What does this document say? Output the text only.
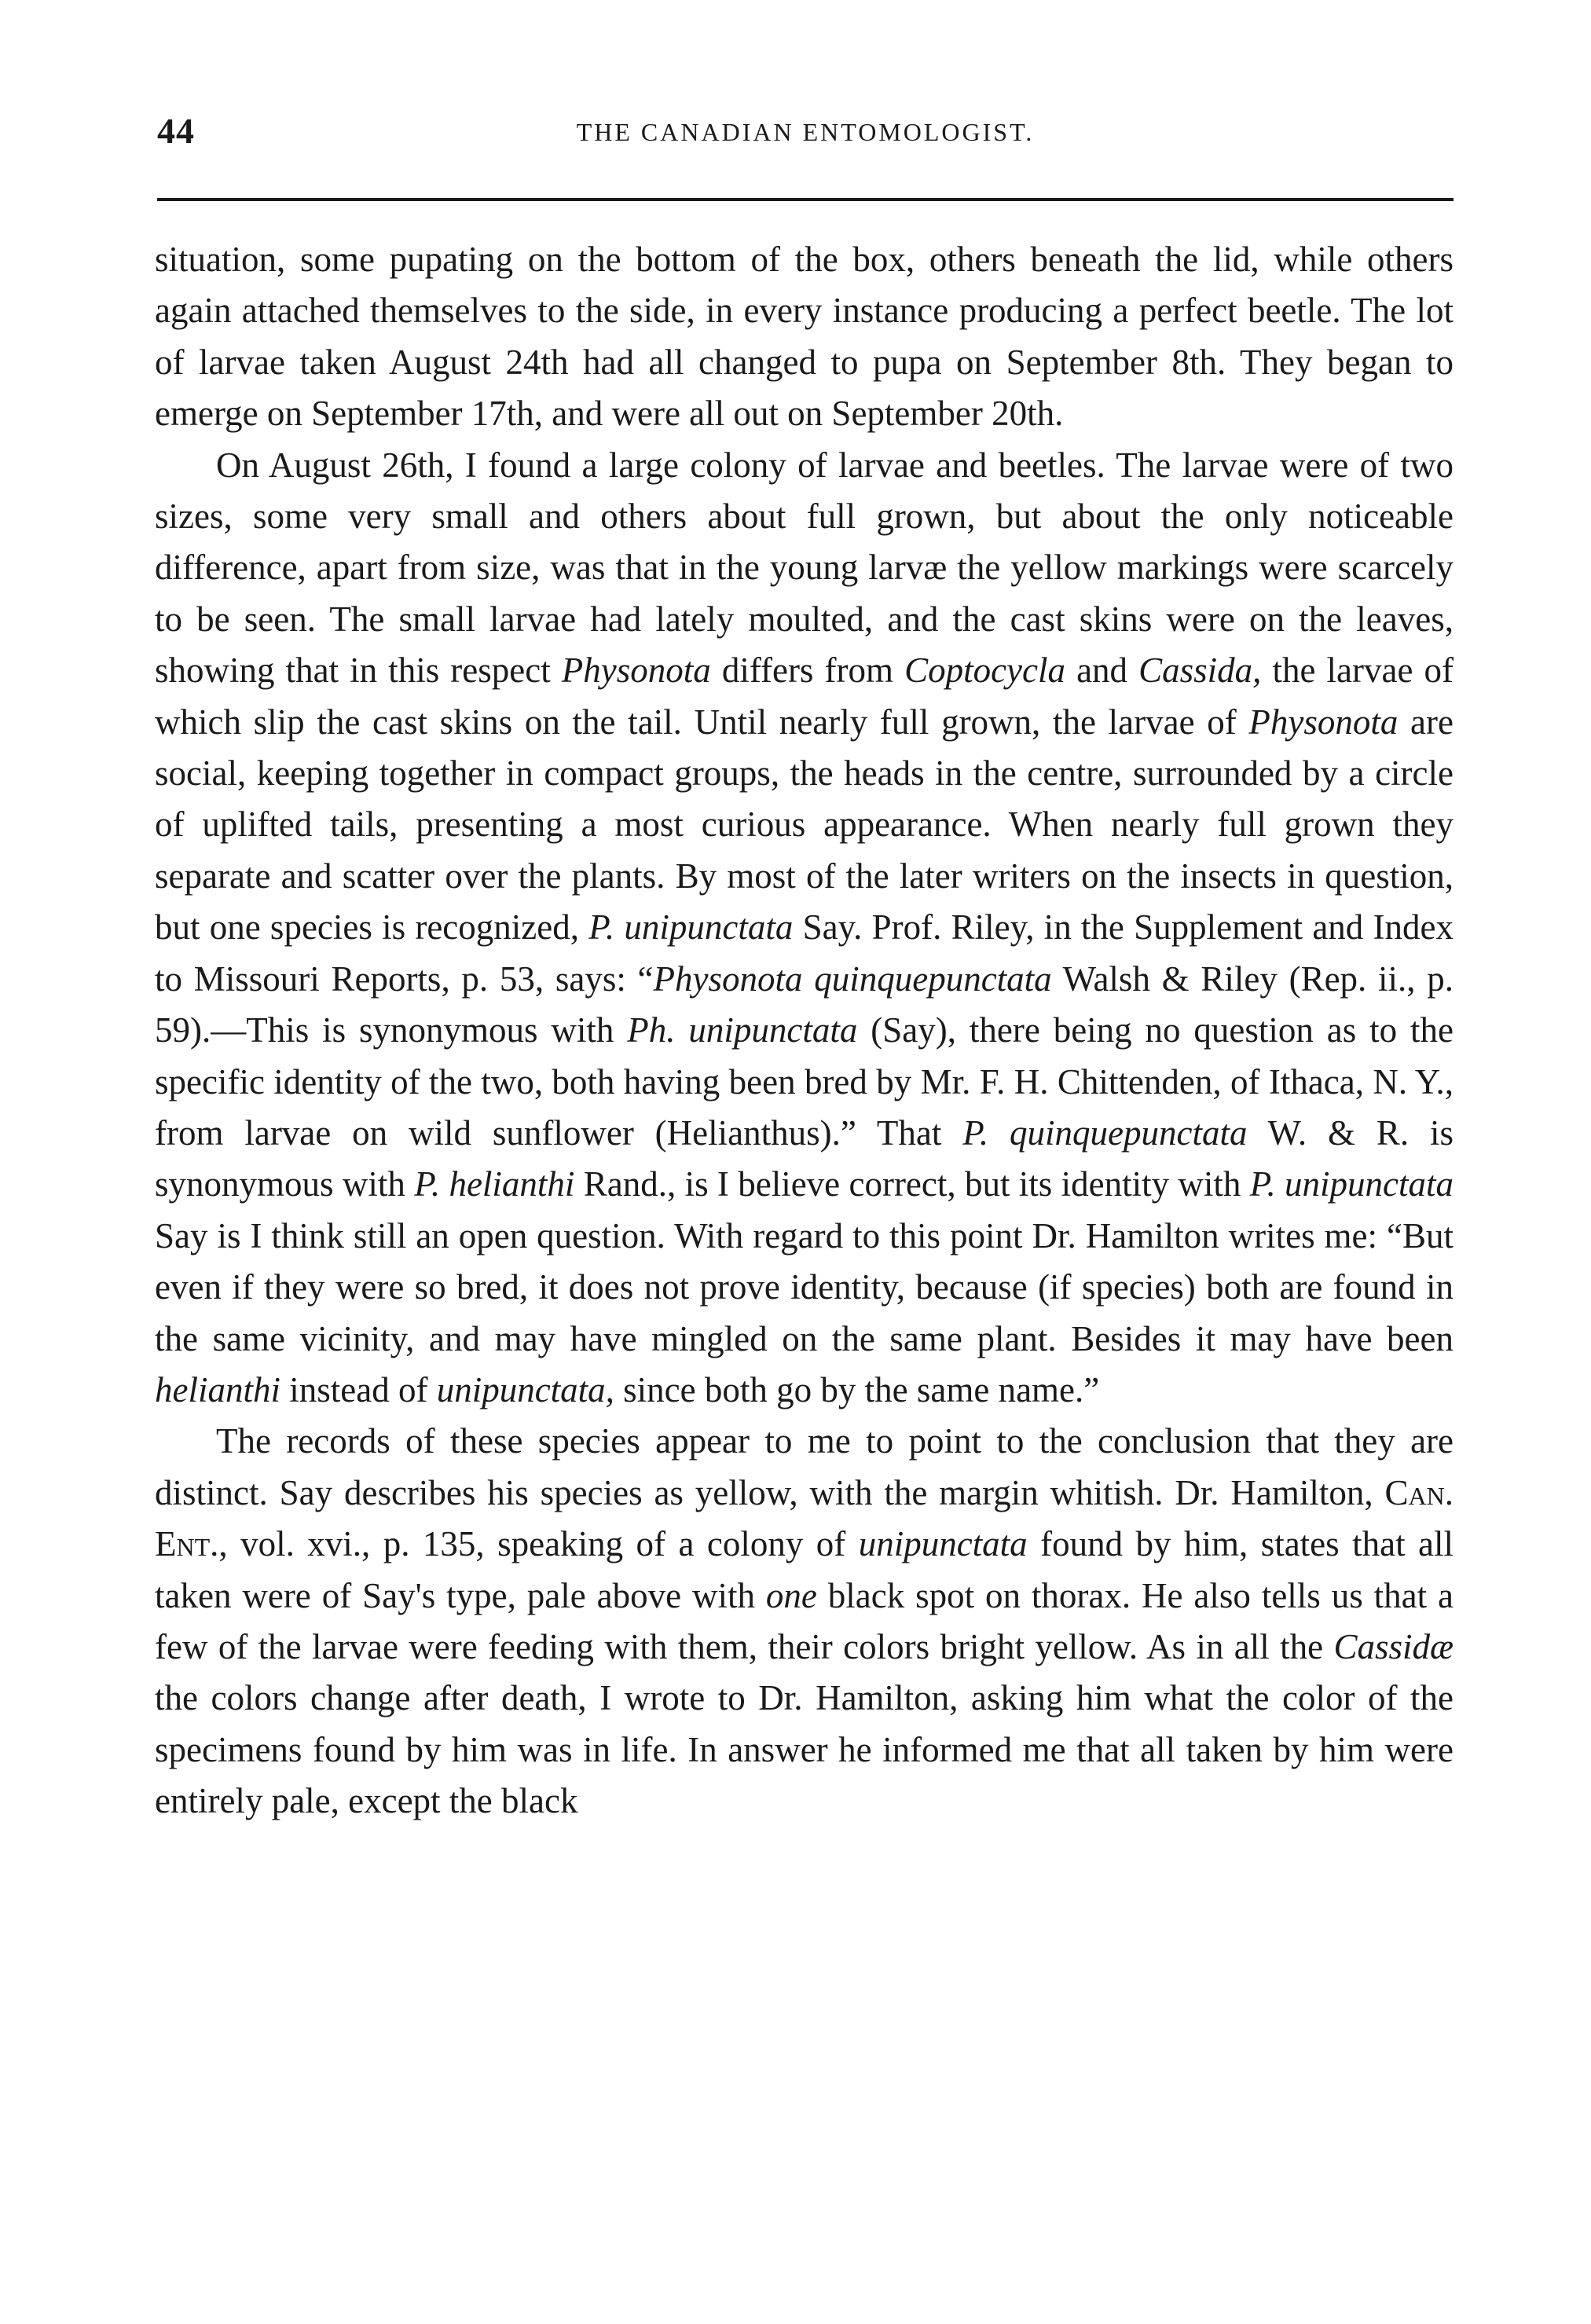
44	THE CANADIAN ENTOMOLOGIST.

situation, some pupating on the bottom of the box, others beneath the lid, while others again attached themselves to the side, in every instance producing a perfect beetle. The lot of larvae taken August 24th had all changed to pupa on September 8th. They began to emerge on September 17th, and were all out on September 20th.

On August 26th, I found a large colony of larvae and beetles. The larvae were of two sizes, some very small and others about full grown, but about the only noticeable difference, apart from size, was that in the young larvæ the yellow markings were scarcely to be seen. The small larvae had lately moulted, and the cast skins were on the leaves, showing that in this respect Physonota differs from Coptocycla and Cassida, the larvae of which slip the cast skins on the tail. Until nearly full grown, the larvae of Physonota are social, keeping together in compact groups, the heads in the centre, surrounded by a circle of uplifted tails, presenting a most curious appearance. When nearly full grown they separate and scatter over the plants. By most of the later writers on the insects in question, but one species is recognized, P. unipunctata Say. Prof. Riley, in the Supplement and Index to Missouri Reports, p. 53, says: “Physonota quinquepunctata Walsh & Riley (Rep. ii., p. 59).—This is synonymous with Ph. unipunctata (Say), there being no question as to the specific identity of the two, both having been bred by Mr. F. H. Chittenden, of Ithaca, N. Y., from larvae on wild sunflower (Helianthus).” That P. quinquepunctata W. & R. is synonymous with P. helianthi Rand., is I believe correct, but its identity with P. unipunctata Say is I think still an open question. With regard to this point Dr. Hamilton writes me: “But even if they were so bred, it does not prove identity, because (if species) both are found in the same vicinity, and may have mingled on the same plant. Besides it may have been helianthi instead of unipunctata, since both go by the same name.”

The records of these species appear to me to point to the conclusion that they are distinct. Say describes his species as yellow, with the margin whitish. Dr. Hamilton, Can. Ent., vol. xvi., p. 135, speaking of a colony of unipunctata found by him, states that all taken were of Say's type, pale above with one black spot on thorax. He also tells us that a few of the larvae were feeding with them, their colors bright yellow. As in all the Cassidæ the colors change after death, I wrote to Dr. Hamilton, asking him what the color of the specimens found by him was in life. In answer he informed me that all taken by him were entirely pale, except the black
